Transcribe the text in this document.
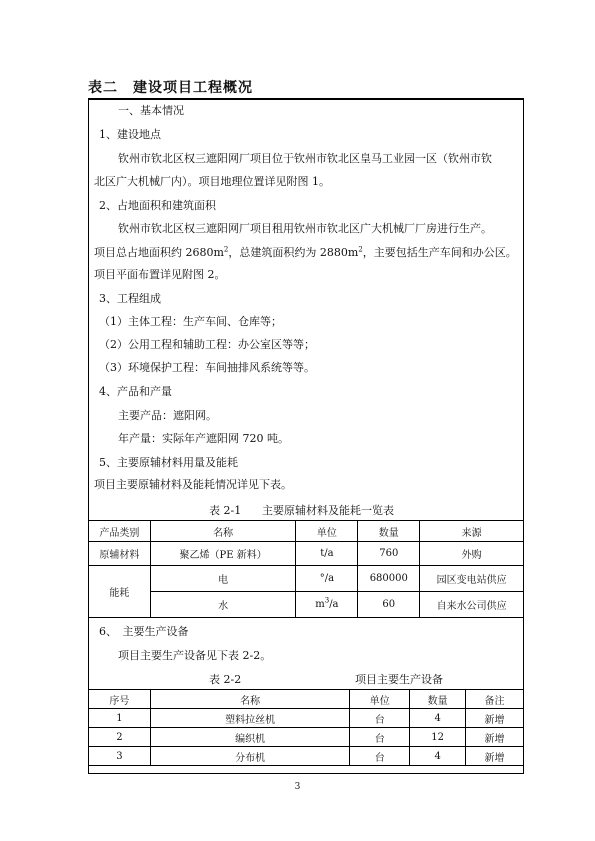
表二　建设项目工程概况
一、基本情况
1、建设地点
钦州市钦北区权三遮阳网厂项目位于钦州市钦北区皇马工业园一区（钦州市钦
北区广大机械厂内）。项目地理位置详见附图 1。
2、占地面积和建筑面积
钦州市钦北区权三遮阳网厂项目租用钦州市钦北区广大机械厂厂房进行生产。
项目总占地面积约 $2680m^2$，总建筑面积约为 $2880m^2$，主要包括生产车间和办公区。
项目平面布置详见附图 2。
3、工程组成
（1）主体工程：生产车间、仓库等；
（2）公用工程和辅助工程：办公室区等等；
（3）环境保护工程：车间抽排风系统等等。
4、产品和产量
主要产品：遮阳网。
年产量：实际年产遮阳网 720 吨。
5、主要原辅材料用量及能耗
项目主要原辅材料及能耗情况详见下表。
表 2-1 主要原辅材料及能耗一览表
产品类别	名称	单位	数量	来源
原辅材料	聚乙烯（PE 新料）	t/a	760	外购
能耗	电	°/a	680000	园区变电站供应
	水	$m^3/a$	60	自来水公司供应
6、　主要生产设备
项目主要生产设备见下表 2-2。
表 2-2	项目主要生产设备
序号	名称	单位	数量	备注
1	塑料拉丝机	台	4	新增
2	编织机	台	12	新增
3	分布机	台	4	新增
3
